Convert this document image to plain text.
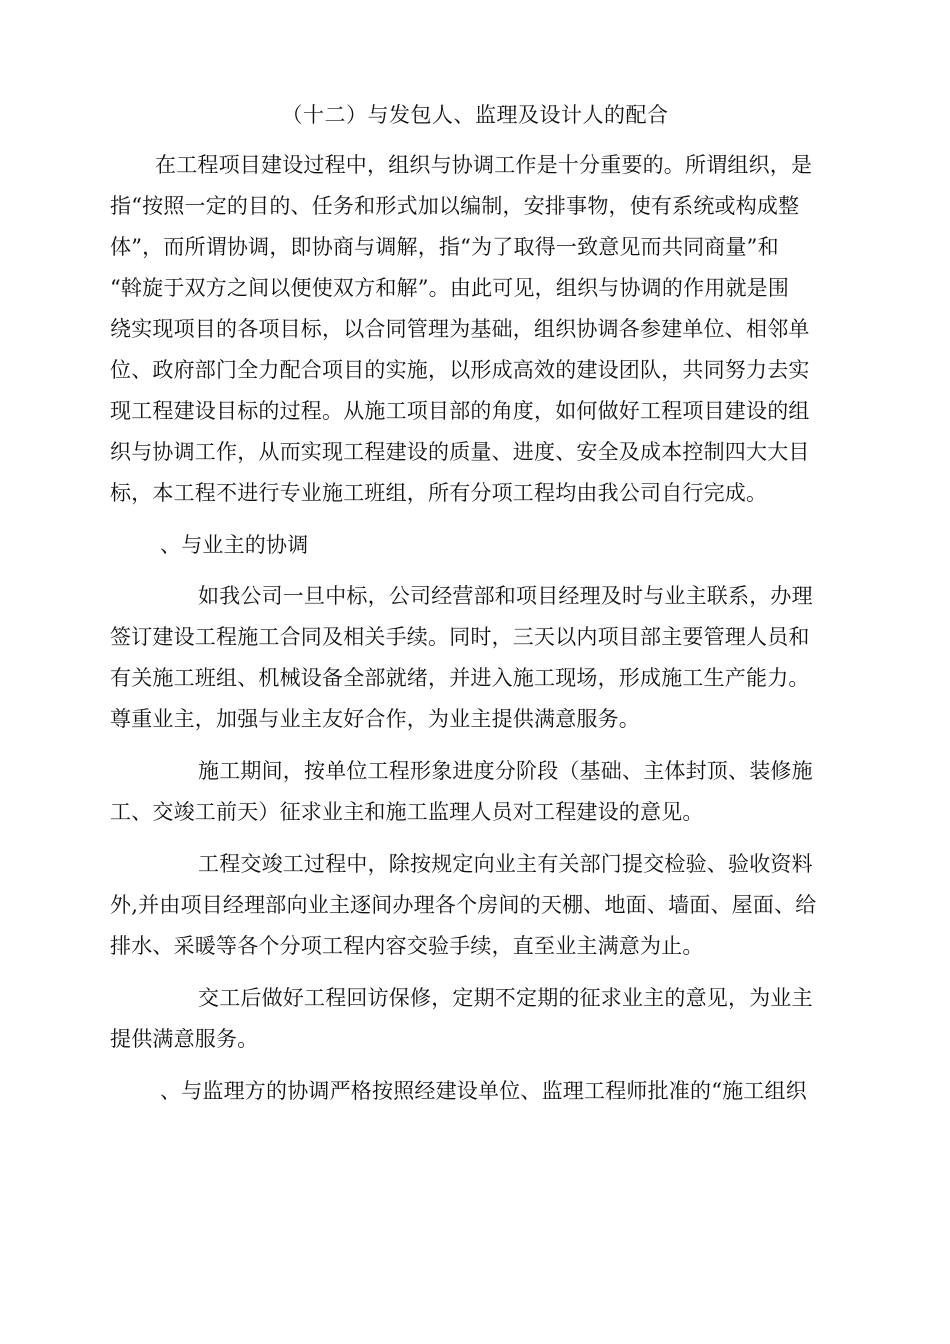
（十二）与发包人、监理及设计人的配合
在工程项目建设过程中，组织与协调工作是十分重要的。所谓组织，是
指“按照一定的目的、任务和形式加以编制，安排事物，使有系统或构成整
体”，而所谓协调，即协商与调解，指“为了取得一致意见而共同商量”和
“斡旋于双方之间以便使双方和解”。由此可见，组织与协调的作用就是围
绕实现项目的各项目标，以合同管理为基础，组织协调各参建单位、相邻单
位、政府部门全力配合项目的实施，以形成高效的建设团队，共同努力去实
现工程建设目标的过程。从施工项目部的角度，如何做好工程项目建设的组
织与协调工作，从而实现工程建设的质量、进度、安全及成本控制四大大目
标，本工程不进行专业施工班组，所有分项工程均由我公司自行完成。
、与业主的协调
如我公司一旦中标，公司经营部和项目经理及时与业主联系，办理
签订建设工程施工合同及相关手续。同时，三天以内项目部主要管理人员和
有关施工班组、机械设备全部就绪，并进入施工现场，形成施工生产能力。
尊重业主，加强与业主友好合作，为业主提供满意服务。
施工期间，按单位工程形象进度分阶段（基础、主体封顶、装修施
工、交竣工前天）征求业主和施工监理人员对工程建设的意见。
工程交竣工过程中，除按规定向业主有关部门提交检验、验收资料
外,并由项目经理部向业主逐间办理各个房间的天棚、地面、墙面、屋面、给
排水、采暖等各个分项工程内容交验手续，直至业主满意为止。
交工后做好工程回访保修，定期不定期的征求业主的意见，为业主
提供满意服务。
、与监理方的协调严格按照经建设单位、监理工程师批准的“施工组织
